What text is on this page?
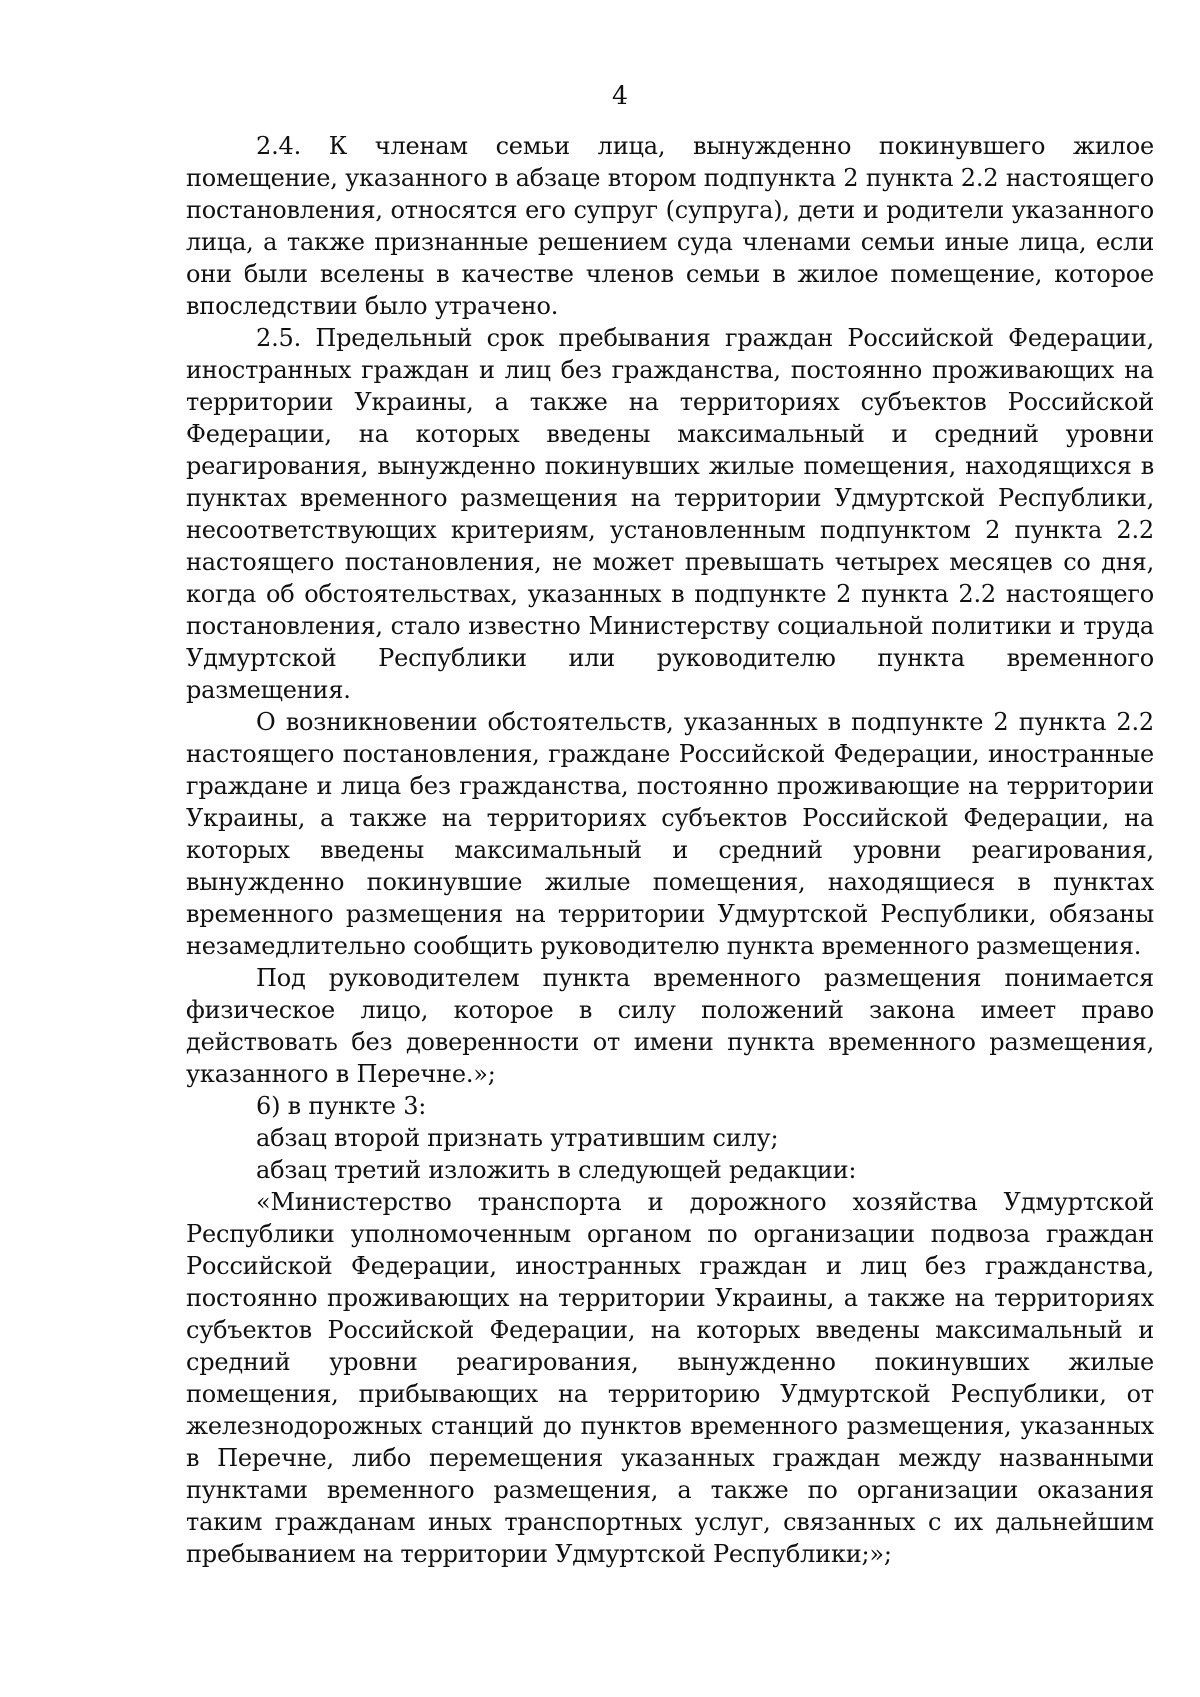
4

2.4. К членам семьи лица, вынужденно покинувшего жилое помещение, указанного в абзаце втором подпункта 2 пункта 2.2 настоящего постановления, относятся его супруг (супруга), дети и родители указанного лица, а также признанные решением суда членами семьи иные лица, если они были вселены в качестве членов семьи в жилое помещение, которое впоследствии было утрачено.

2.5. Предельный срок пребывания граждан Российской Федерации, иностранных граждан и лиц без гражданства, постоянно проживающих на территории Украины, а также на территориях субъектов Российской Федерации, на которых введены максимальный и средний уровни реагирования, вынужденно покинувших жилые помещения, находящихся в пунктах временного размещения на территории Удмуртской Республики, несоответствующих критериям, установленным подпунктом 2 пункта 2.2 настоящего постановления, не может превышать четырех месяцев со дня, когда об обстоятельствах, указанных в подпункте 2 пункта 2.2 настоящего постановления, стало известно Министерству социальной политики и труда Удмуртской Республики или руководителю пункта временного размещения.

О возникновении обстоятельств, указанных в подпункте 2 пункта 2.2 настоящего постановления, граждане Российской Федерации, иностранные граждане и лица без гражданства, постоянно проживающие на территории Украины, а также на территориях субъектов Российской Федерации, на которых введены максимальный и средний уровни реагирования, вынужденно покинувшие жилые помещения, находящиеся в пунктах временного размещения на территории Удмуртской Республики, обязаны незамедлительно сообщить руководителю пункта временного размещения.

Под руководителем пункта временного размещения понимается физическое лицо, которое в силу положений закона имеет право действовать без доверенности от имени пункта временного размещения, указанного в Перечне.»;

6) в пункте 3:

абзац второй признать утратившим силу;

абзац третий изложить в следующей редакции:

«Министерство транспорта и дорожного хозяйства Удмуртской Республики уполномоченным органом по организации подвоза граждан Российской Федерации, иностранных граждан и лиц без гражданства, постоянно проживающих на территории Украины, а также на территориях субъектов Российской Федерации, на которых введены максимальный и средний уровни реагирования, вынужденно покинувших жилые помещения, прибывающих на территорию Удмуртской Республики, от железнодорожных станций до пунктов временного размещения, указанных в Перечне, либо перемещения указанных граждан между названными пунктами временного размещения, а также по организации оказания таким гражданам иных транспортных услуг, связанных с их дальнейшим пребыванием на территории Удмуртской Республики;»;
